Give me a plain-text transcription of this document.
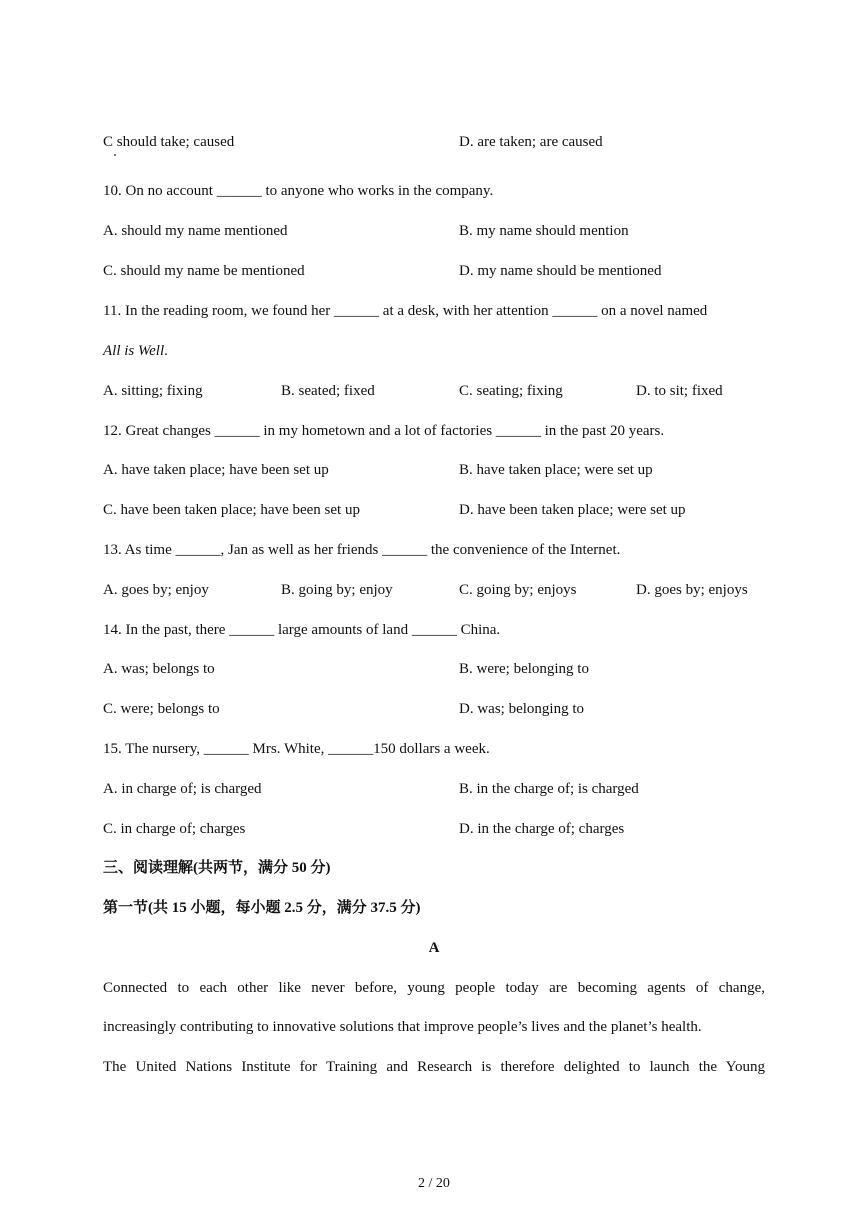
C should take; caused	D. are taken; are caused
10. On no account ______ to anyone who works in the company.
A. should my name mentioned	B. my name should mention
C. should my name be mentioned	D. my name should be mentioned
11. In the reading room, we found her ______ at a desk, with her attention ______ on a novel named
All is Well.
A. sitting; fixing	B. seated; fixed	C. seating; fixing	D. to sit; fixed
12. Great changes ______ in my hometown and a lot of factories ______ in the past 20 years.
A. have taken place; have been set up	B. have taken place; were set up
C. have been taken place; have been set up	D. have been taken place; were set up
13. As time ______, Jan as well as her friends ______ the convenience of the Internet.
A. goes by; enjoy	B. going by; enjoy	C. going by; enjoys	D. goes by; enjoys
14. In the past, there ______ large amounts of land ______ China.
A. was; belongs to	B. were; belonging to
C. were; belongs to	D. was; belonging to
15. The nursery, ______ Mrs. White, ______150 dollars a week.
A. in charge of; is charged	B. in the charge of; is charged
C. in charge of; charges	D. in the charge of; charges
三、阅读理解(共两节，满分 50 分)
第一节(共 15 小题，每小题 2.5 分，满分 37.5 分)
A
Connected to each other like never before, young people today are becoming agents of change,
increasingly contributing to innovative solutions that improve people’s lives and the planet’s health.
The United Nations Institute for Training and Research is therefore delighted to launch the Young
2 / 20
